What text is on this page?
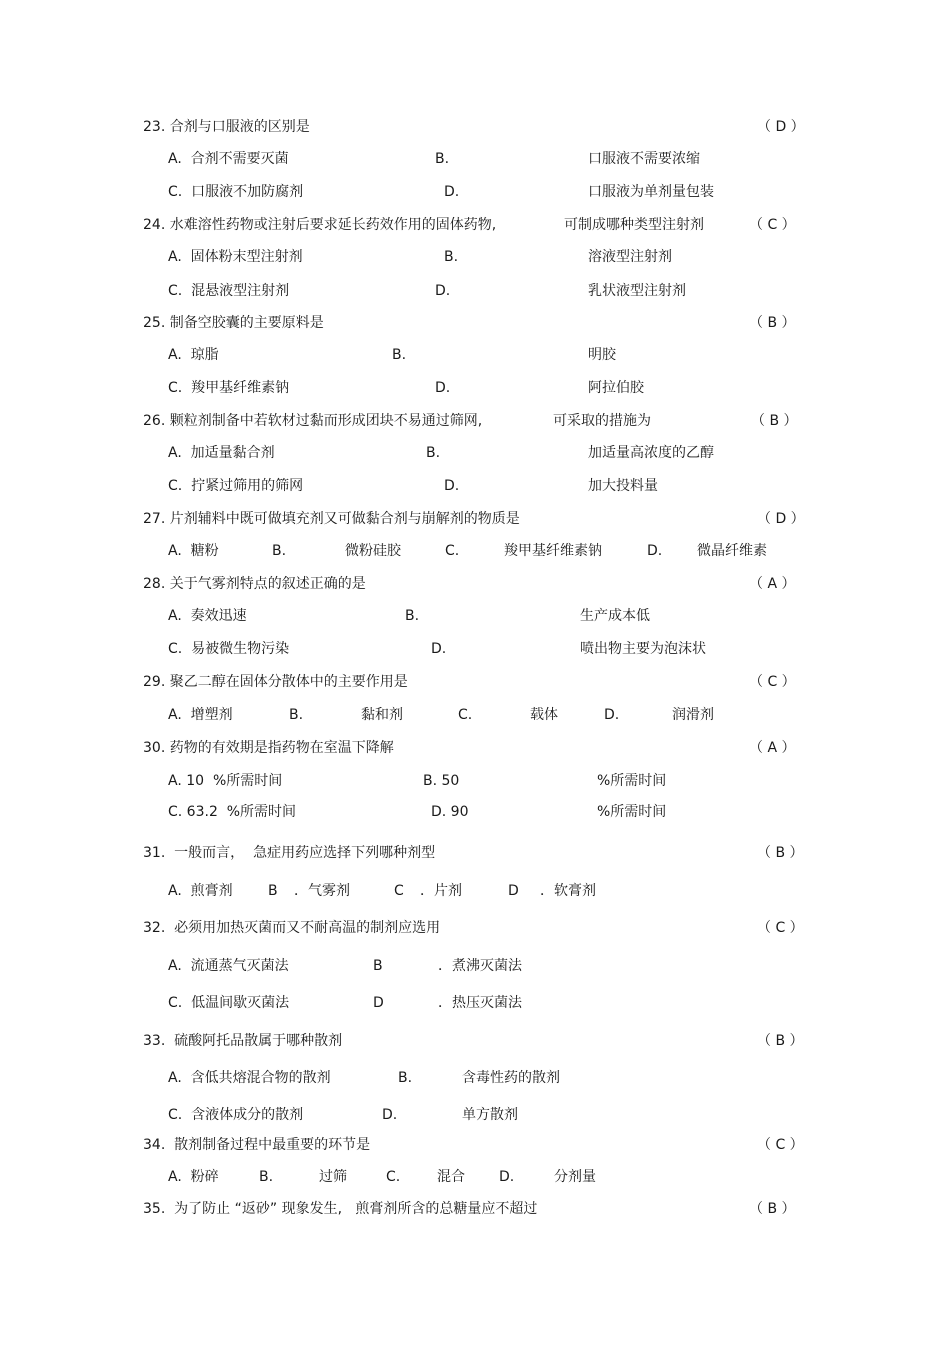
23. 合剂与口服液的区别是	（ D ）
A.  合剂不需要灭菌	B.	口服液不需要浓缩
C.  口服液不加防腐剂	D.	口服液为单剂量包装
24. 水难溶性药物或注射后要求延长药效作用的固体药物,	可制成哪种类型注射剂	（ C ）
A.  固体粉末型注射剂	B.	溶液型注射剂
C.  混悬液型注射剂	D.	乳状液型注射剂
25. 制备空胶囊的主要原料是	（ B ）
A.  琼脂	B.	明胶
C.  羧甲基纤维素钠	D.	阿拉伯胶
26. 颗粒剂制备中若软材过黏而形成团块不易通过筛网,	可采取的措施为	（ B ）
A.  加适量黏合剂	B.	加适量高浓度的乙醇
C.  拧紧过筛用的筛网	D.	加大投料量
27. 片剂辅料中既可做填充剂又可做黏合剂与崩解剂的物质是	（ D ）
A.  糖粉	B.	微粉硅胶	C.	羧甲基纤维素钠	D. 微晶纤维素
28. 关于气雾剂特点的叙述正确的是	（ A ）
A.  奏效迅速	B.	生产成本低
C.  易被微生物污染	D.	喷出物主要为泡沫状
29. 聚乙二醇在固体分散体中的主要作用是	（ C ）
A.  增塑剂	B.	黏和剂	C.	载体	D.	润滑剂
30. 药物的有效期是指药物在室温下降解	（ A ）
A. 10  %所需时间	B. 50	%所需时间
C. 63.2  %所需时间	D. 90	%所需时间
31.  一般而言，  急症用药应选择下列哪种剂型	（ B ）
A.  煎膏剂	B ．气雾剂	C ．片剂	D ．软膏剂
32.  必须用加热灭菌而又不耐高温的制剂应选用	（ C ）
A.  流通蒸气灭菌法	B	．煮沸灭菌法
C.  低温间歇灭菌法	D	．热压灭菌法
33.  硫酸阿托品散属于哪种散剂	（ B ）
A.  含低共熔混合物的散剂	B.	含毒性药的散剂
C.  含液体成分的散剂	D.	单方散剂
34.  散剂制备过程中最重要的环节是	（ C ）
A.  粉碎	B.	过筛	C.	混合 D.	分剂量
35.  为了防止 “返砂” 现象发生,   煎膏剂所含的总糖量应不超过	（ B ）
